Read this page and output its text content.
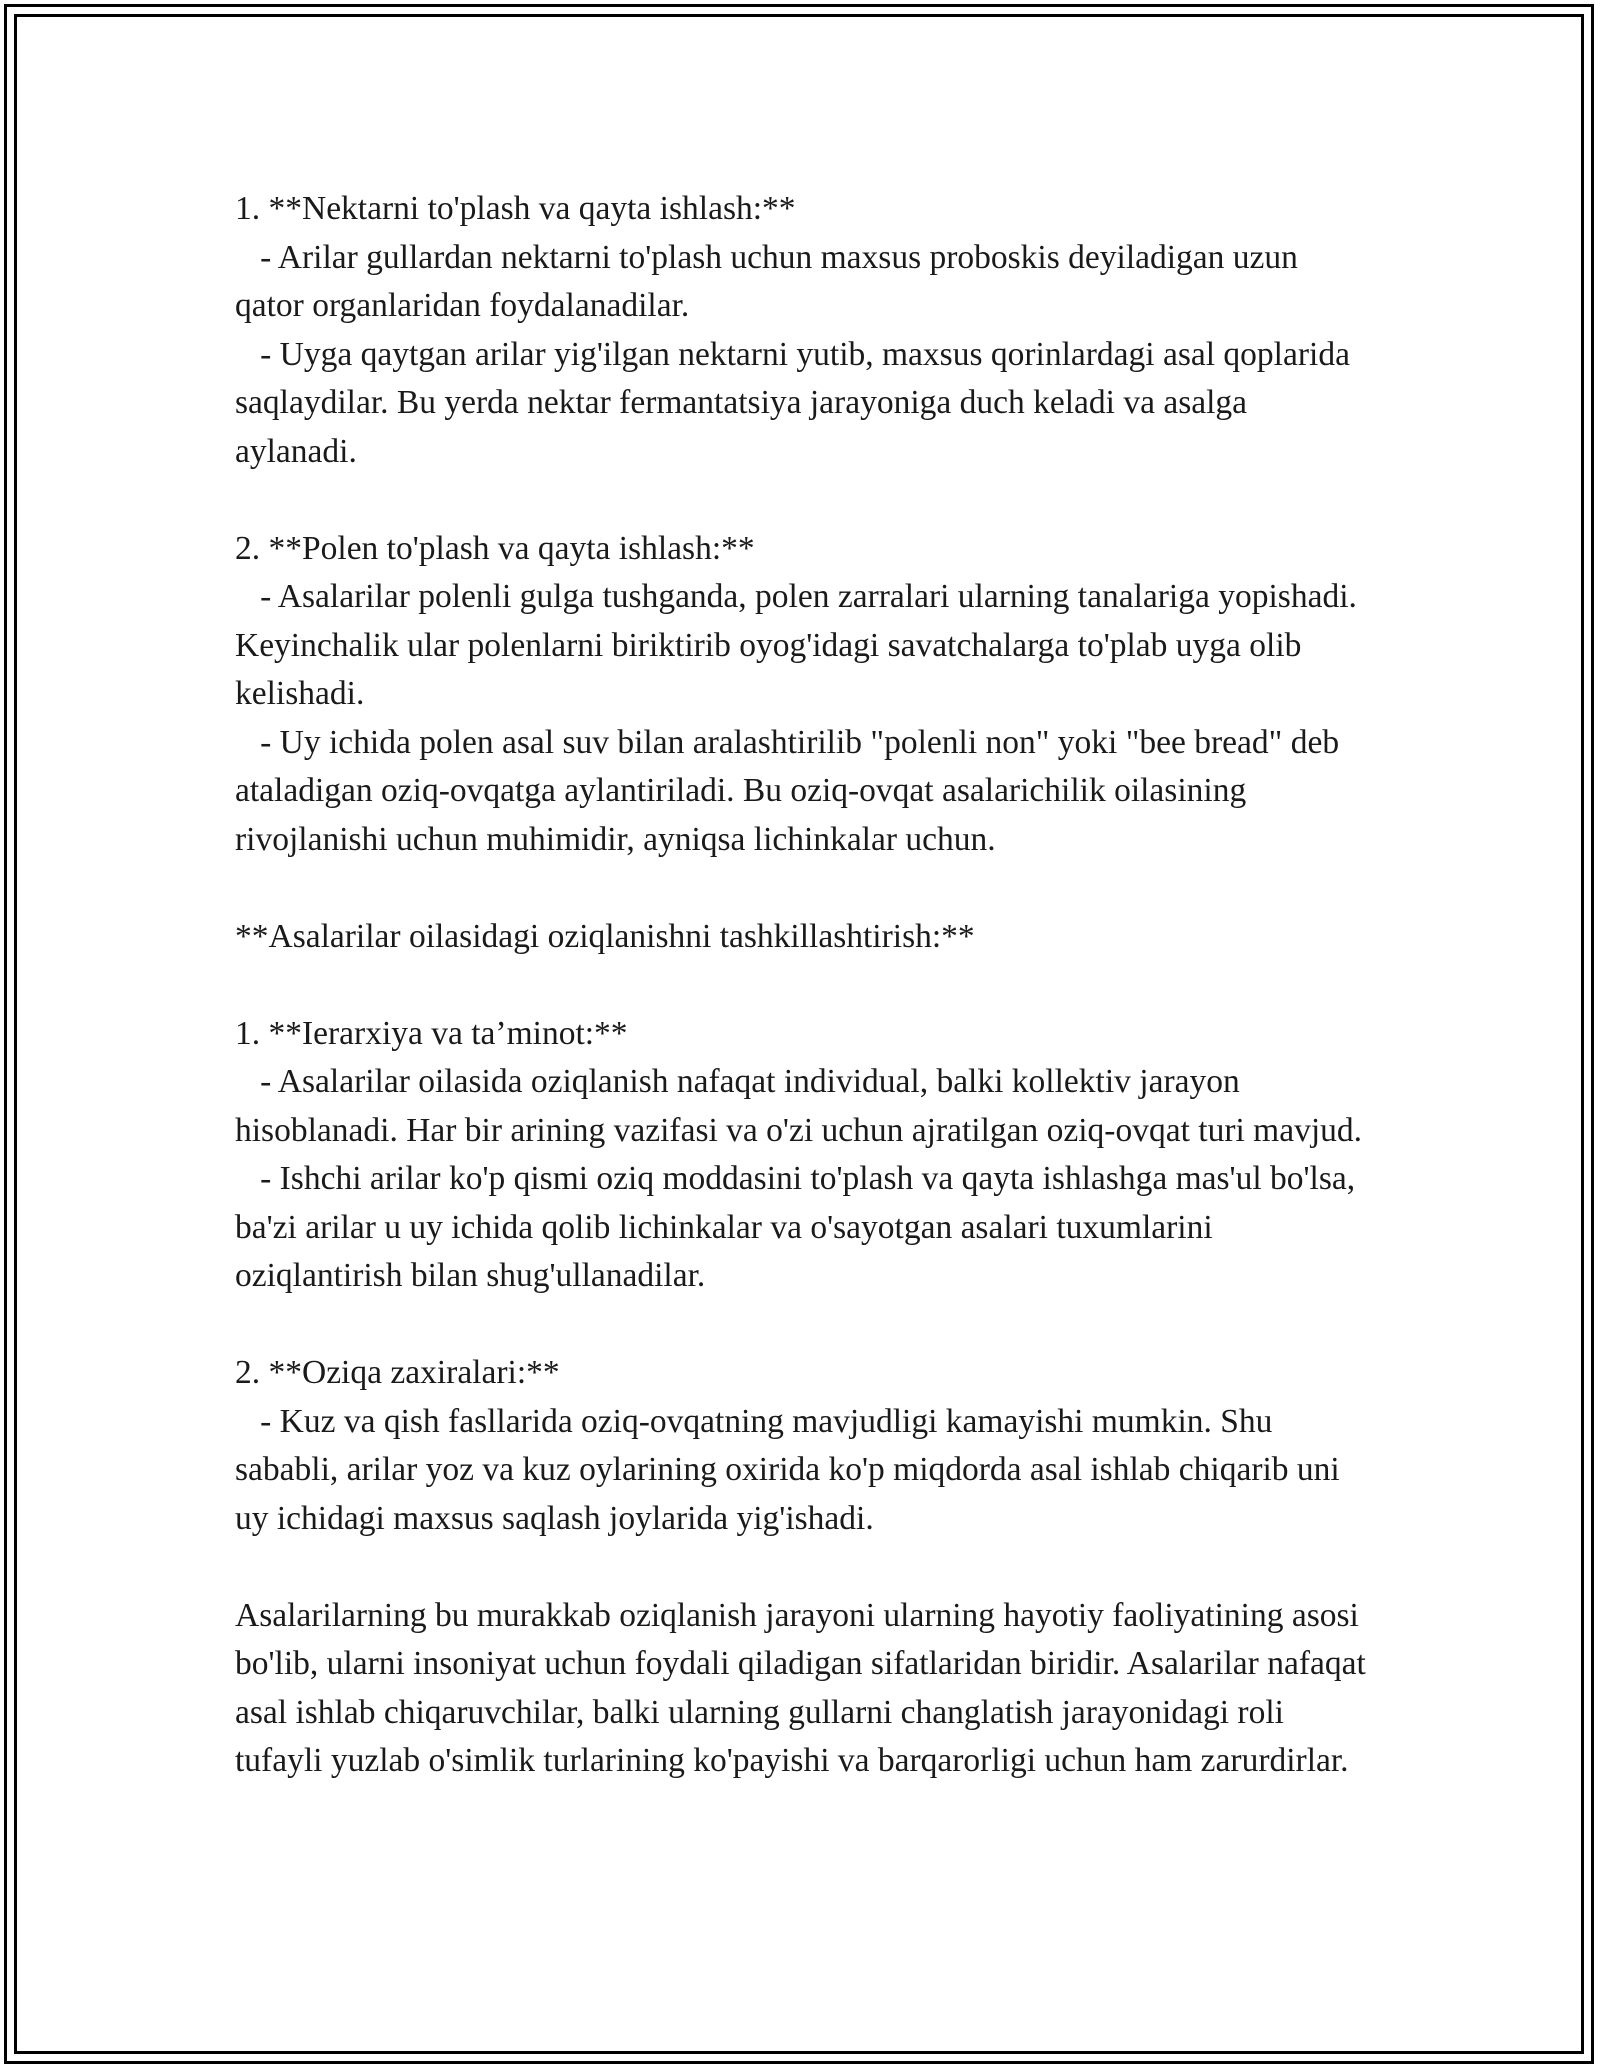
1. **Nektarni to'plash va qayta ishlash:**

- Arilar gullardan nektarni to'plash uchun maxsus proboskis deyiladigan uzun qator organlaridan foydalanadilar.

- Uyga qaytgan arilar yig'ilgan nektarni yutib, maxsus qorinlardagi asal qoplarida saqlaydilar. Bu yerda nektar fermantatsiya jarayoniga duch keladi va asalga aylanadi.

2. **Polen to'plash va qayta ishlash:**

- Asalarilar polenli gulga tushganda, polen zarralari ularning tanalariga yopishadi. Keyinchalik ular polenlarni biriktirib oyog'idagi savatchalarga to'plab uyga olib kelishadi.

- Uy ichida polen asal suv bilan aralashtirilib "polenli non" yoki "bee bread" deb ataladigan oziq-ovqatga aylantiriladi. Bu oziq-ovqat asalarichilik oilasining rivojlanishi uchun muhimidir, ayniqsa lichinkalar uchun.

**Asalarilar oilasidagi oziqlanishni tashkillashtirish:**

1. **Ierarxiya va ta’minot:**

- Asalarilar oilasida oziqlanish nafaqat individual, balki kollektiv jarayon hisoblanadi. Har bir arining vazifasi va o'zi uchun ajratilgan oziq-ovqat turi mavjud.

- Ishchi arilar ko'p qismi oziq moddasini to'plash va qayta ishlashga mas'ul bo'lsa, ba'zi arilar u uy ichida qolib lichinkalar va o'sayotgan asalari tuxumlarini oziqlantirish bilan shug'ullanadilar.

2. **Oziqa zaxiralari:**

- Kuz va qish fasllarida oziq-ovqatning mavjudligi kamayishi mumkin. Shu sababli, arilar yoz va kuz oylarining oxirida ko'p miqdorda asal ishlab chiqarib uni uy ichidagi maxsus saqlash joylarida yig'ishadi.

Asalarilarning bu murakkab oziqlanish jarayoni ularning hayotiy faoliyatining asosi bo'lib, ularni insoniyat uchun foydali qiladigan sifatlaridan biridir. Asalarilar nafaqat asal ishlab chiqaruvchilar, balki ularning gullarni changlatish jarayonidagi roli tufayli yuzlab o'simlik turlarining ko'payishi va barqarorligi uchun ham zarurdirlar.
